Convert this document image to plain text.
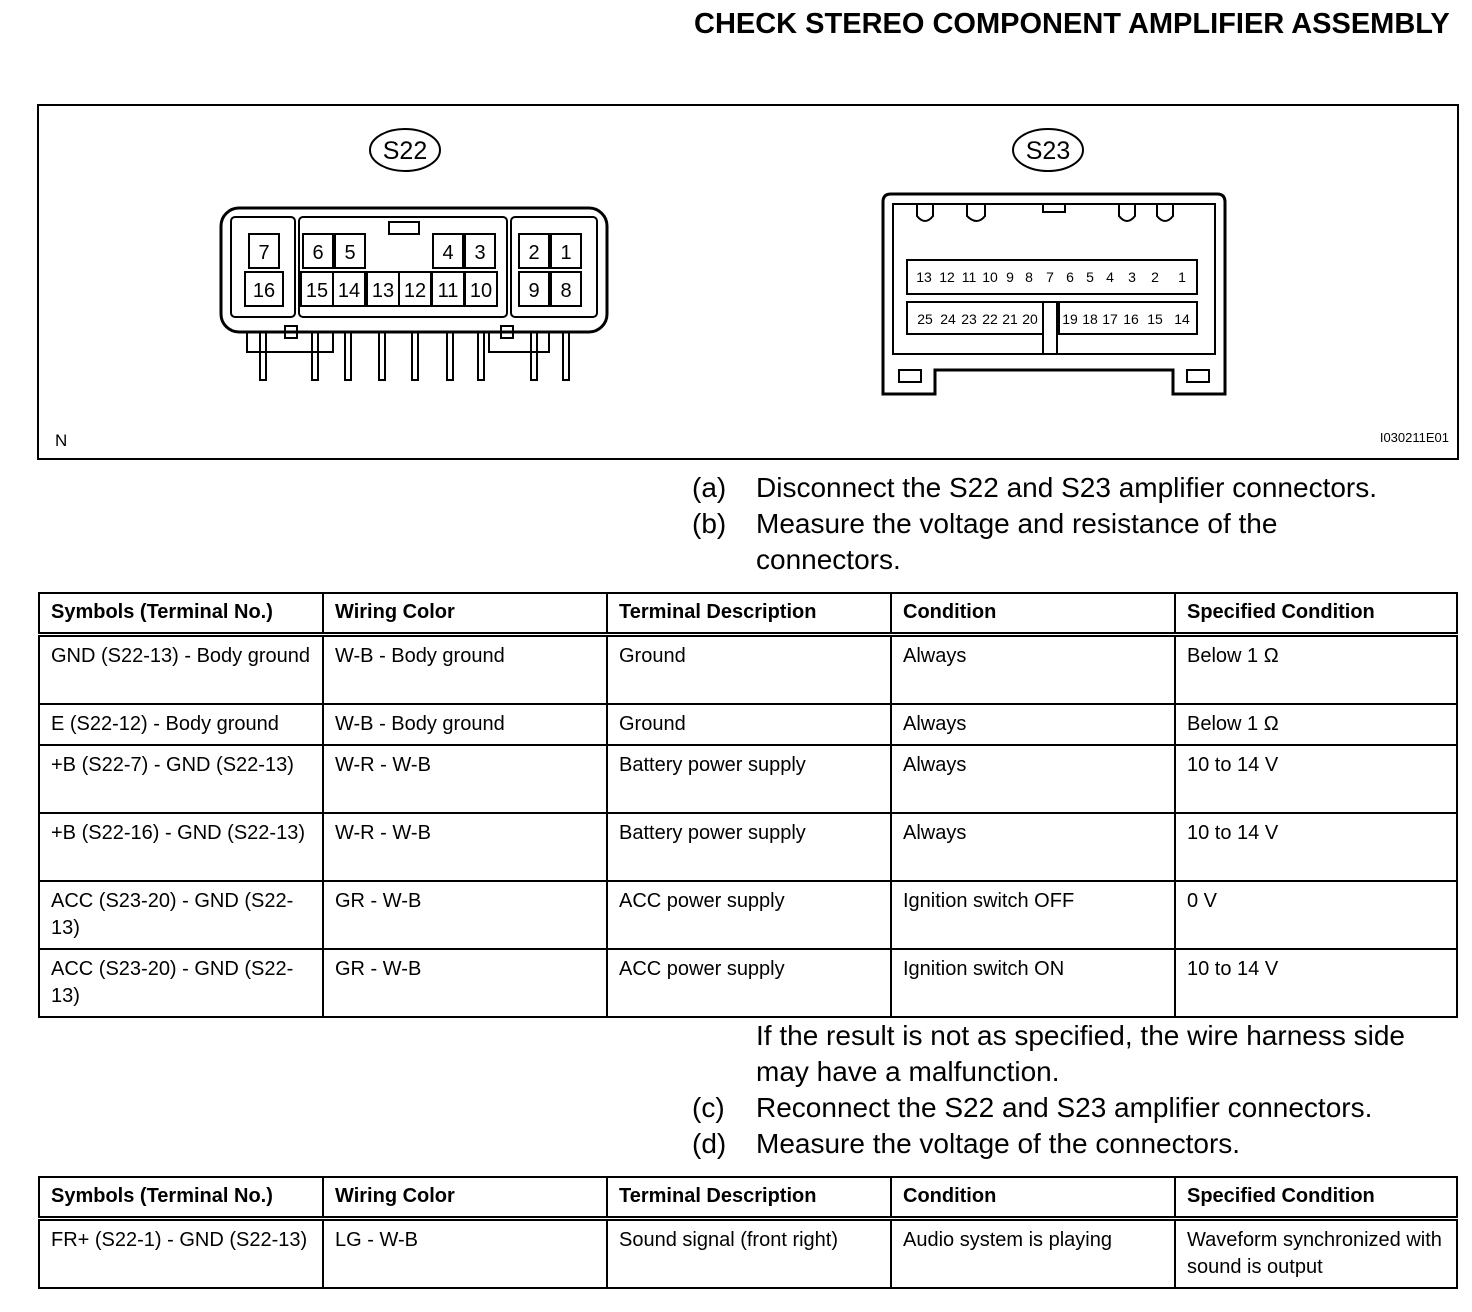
CHECK STEREO COMPONENT AMPLIFIER ASSEMBLY
S22	S23
7 6 5	4 3 2 1
16 15 14 13 12 11 10 9 8
13 12 11 10 9 8 7 6 5 4 3 2 1
25 24 23 22 21 20 19 18 17 16 15 14
N	I030211E01
(a)	Disconnect the S22 and S23 amplifier connectors.
(b)	Measure the voltage and resistance of the connectors.
Symbols (Terminal No.)	Wiring Color	Terminal Description	Condition	Specified Condition
GND (S22-13) - Body ground	W-B - Body ground	Ground	Always	Below 1 Ω
E (S22-12) - Body ground	W-B - Body ground	Ground	Always	Below 1 Ω
+B (S22-7) - GND (S22-13)	W-R - W-B	Battery power supply	Always	10 to 14 V
+B (S22-16) - GND (S22-13)	W-R - W-B	Battery power supply	Always	10 to 14 V
ACC (S23-20) - GND (S22-13)	GR - W-B	ACC power supply	Ignition switch OFF	0 V
ACC (S23-20) - GND (S22-13)	GR - W-B	ACC power supply	Ignition switch ON	10 to 14 V
If the result is not as specified, the wire harness side may have a malfunction.
(c)	Reconnect the S22 and S23 amplifier connectors.
(d)	Measure the voltage of the connectors.
Symbols (Terminal No.)	Wiring Color	Terminal Description	Condition	Specified Condition
FR+ (S22-1) - GND (S22-13)	LG - W-B	Sound signal (front right)	Audio system is playing	Waveform synchronized with sound is output
